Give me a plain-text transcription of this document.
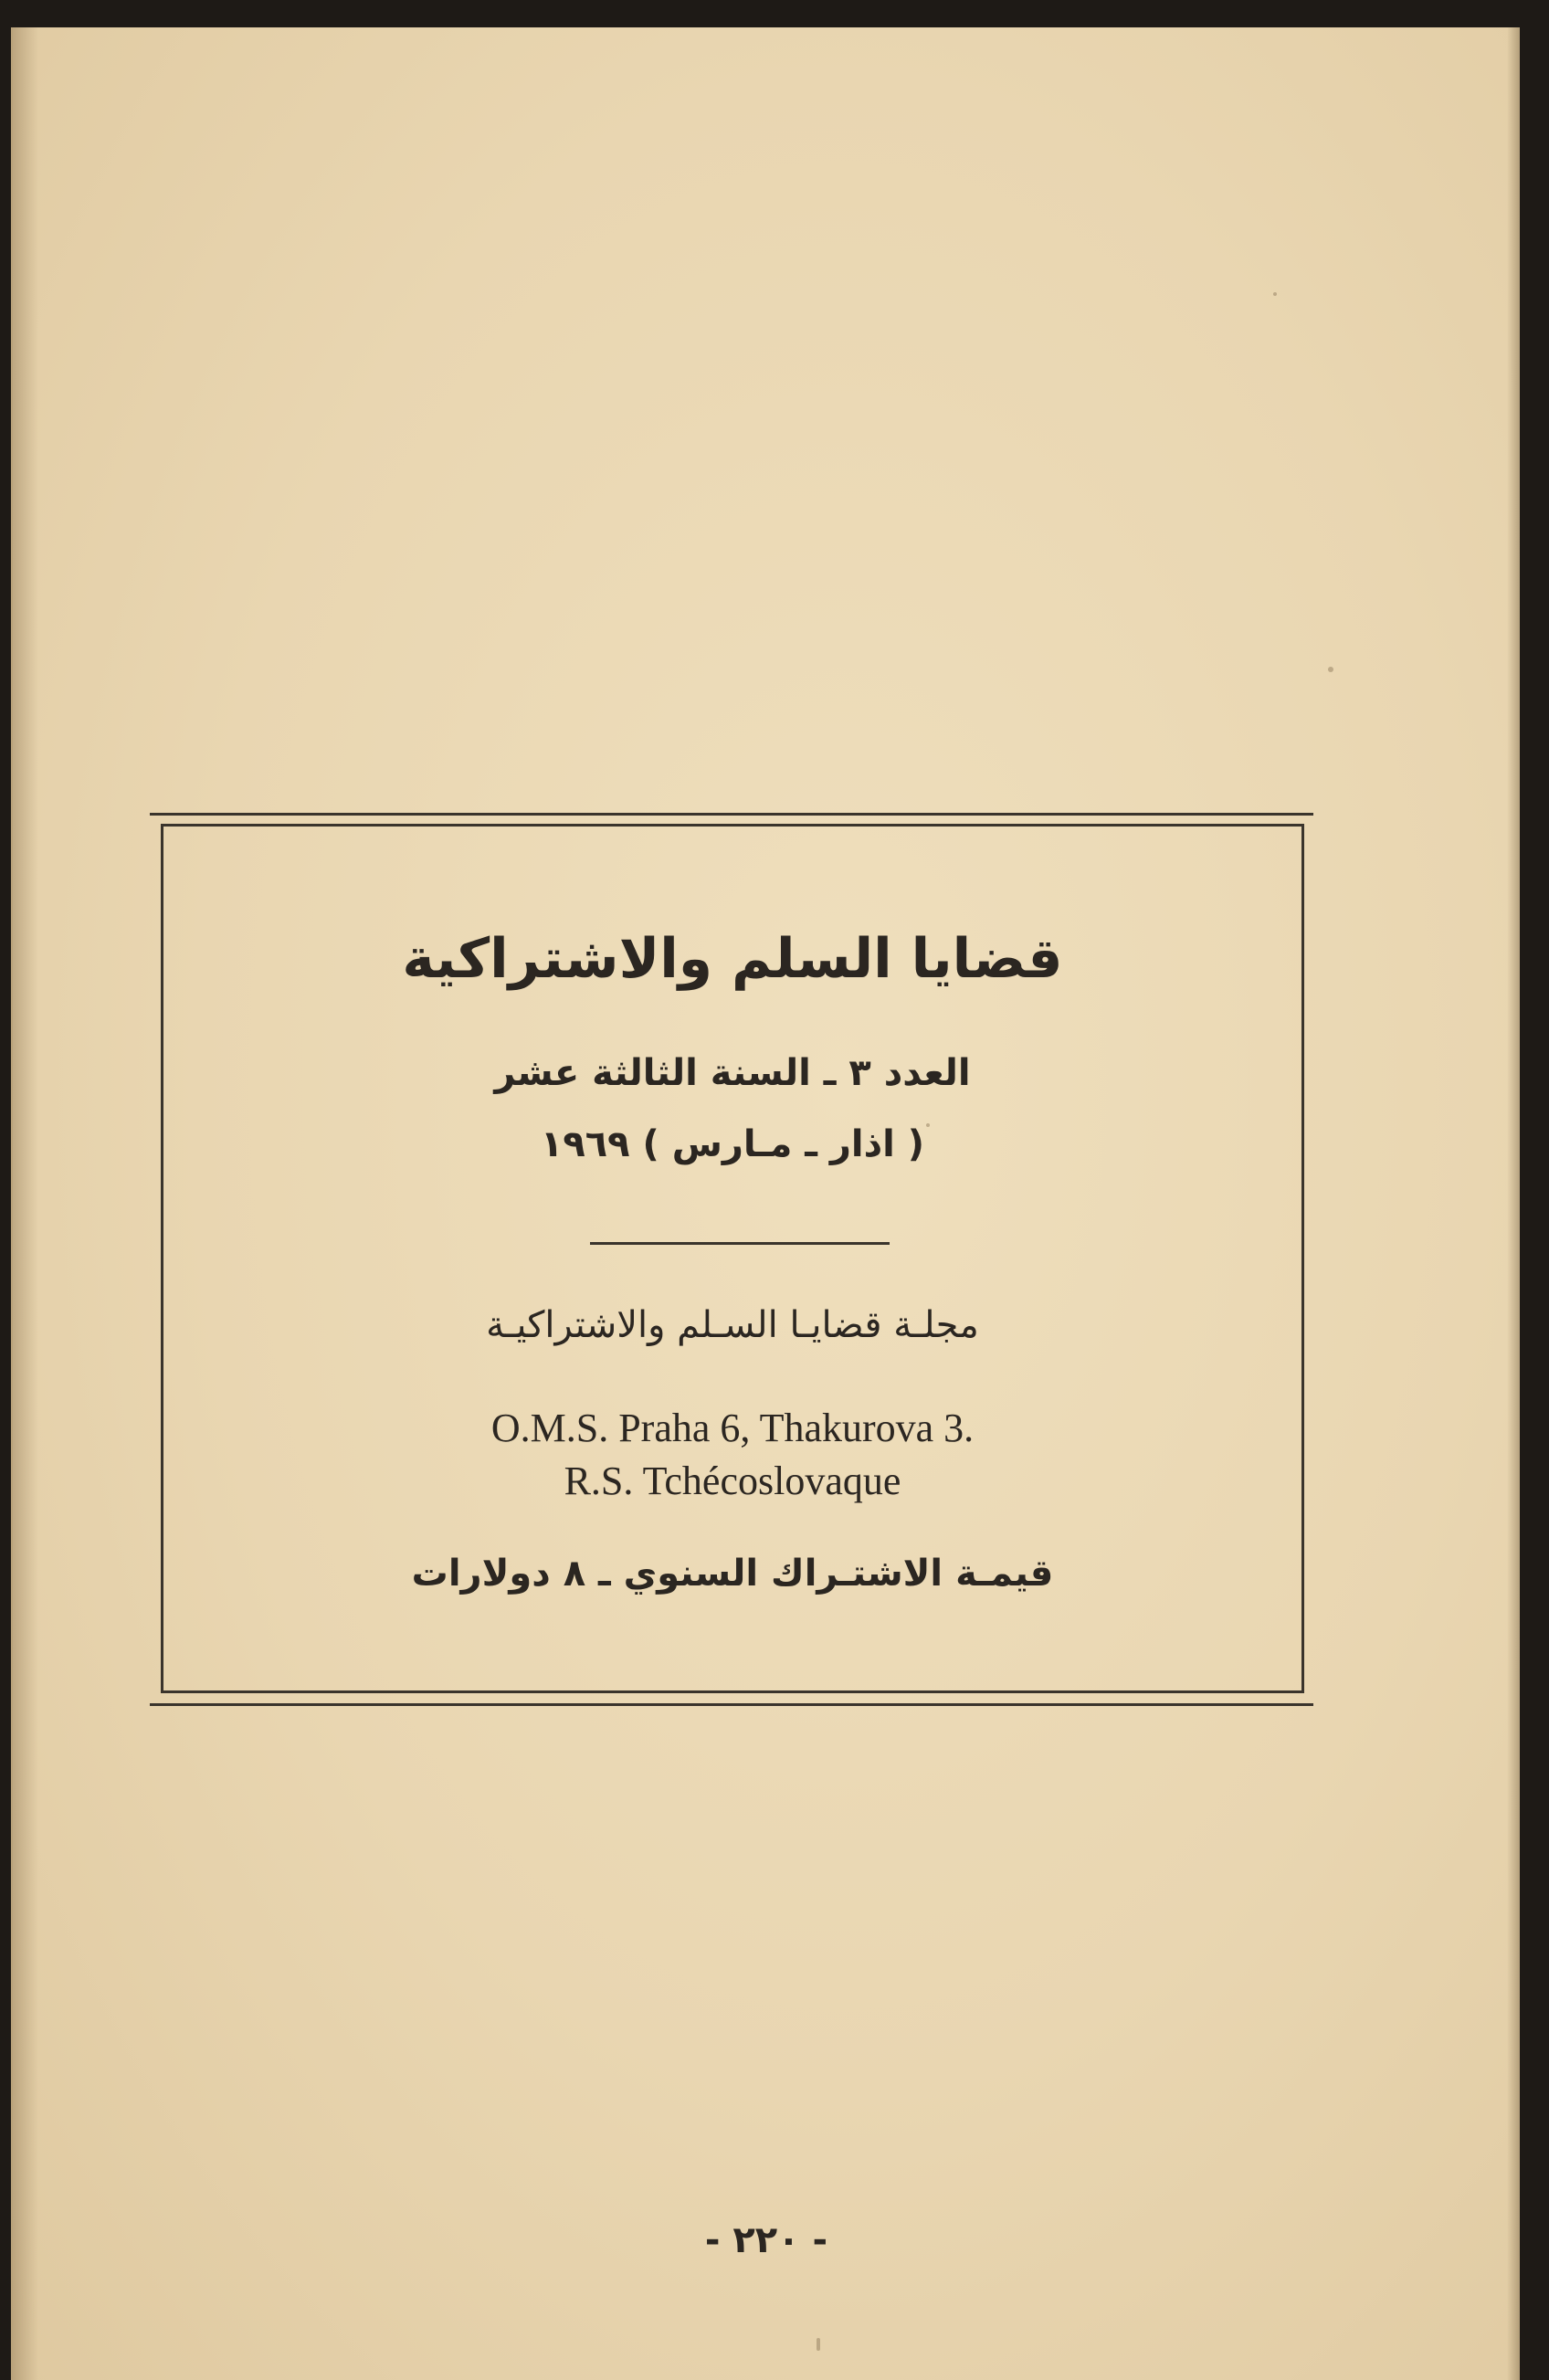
قضايا السلم والاشتراكية
العدد ٣ ـ السنة الثالثة عشر
( اذار ـ مـارس ) ١٩٦٩
مجلـة قضايـا السـلم والاشتراكيـة
O.M.S. Praha 6, Thakurova 3.
R.S. Tchécoslovaque
قيمـة الاشتـراك السنوي ـ ٨ دولارات
- ٢٢٠ -
